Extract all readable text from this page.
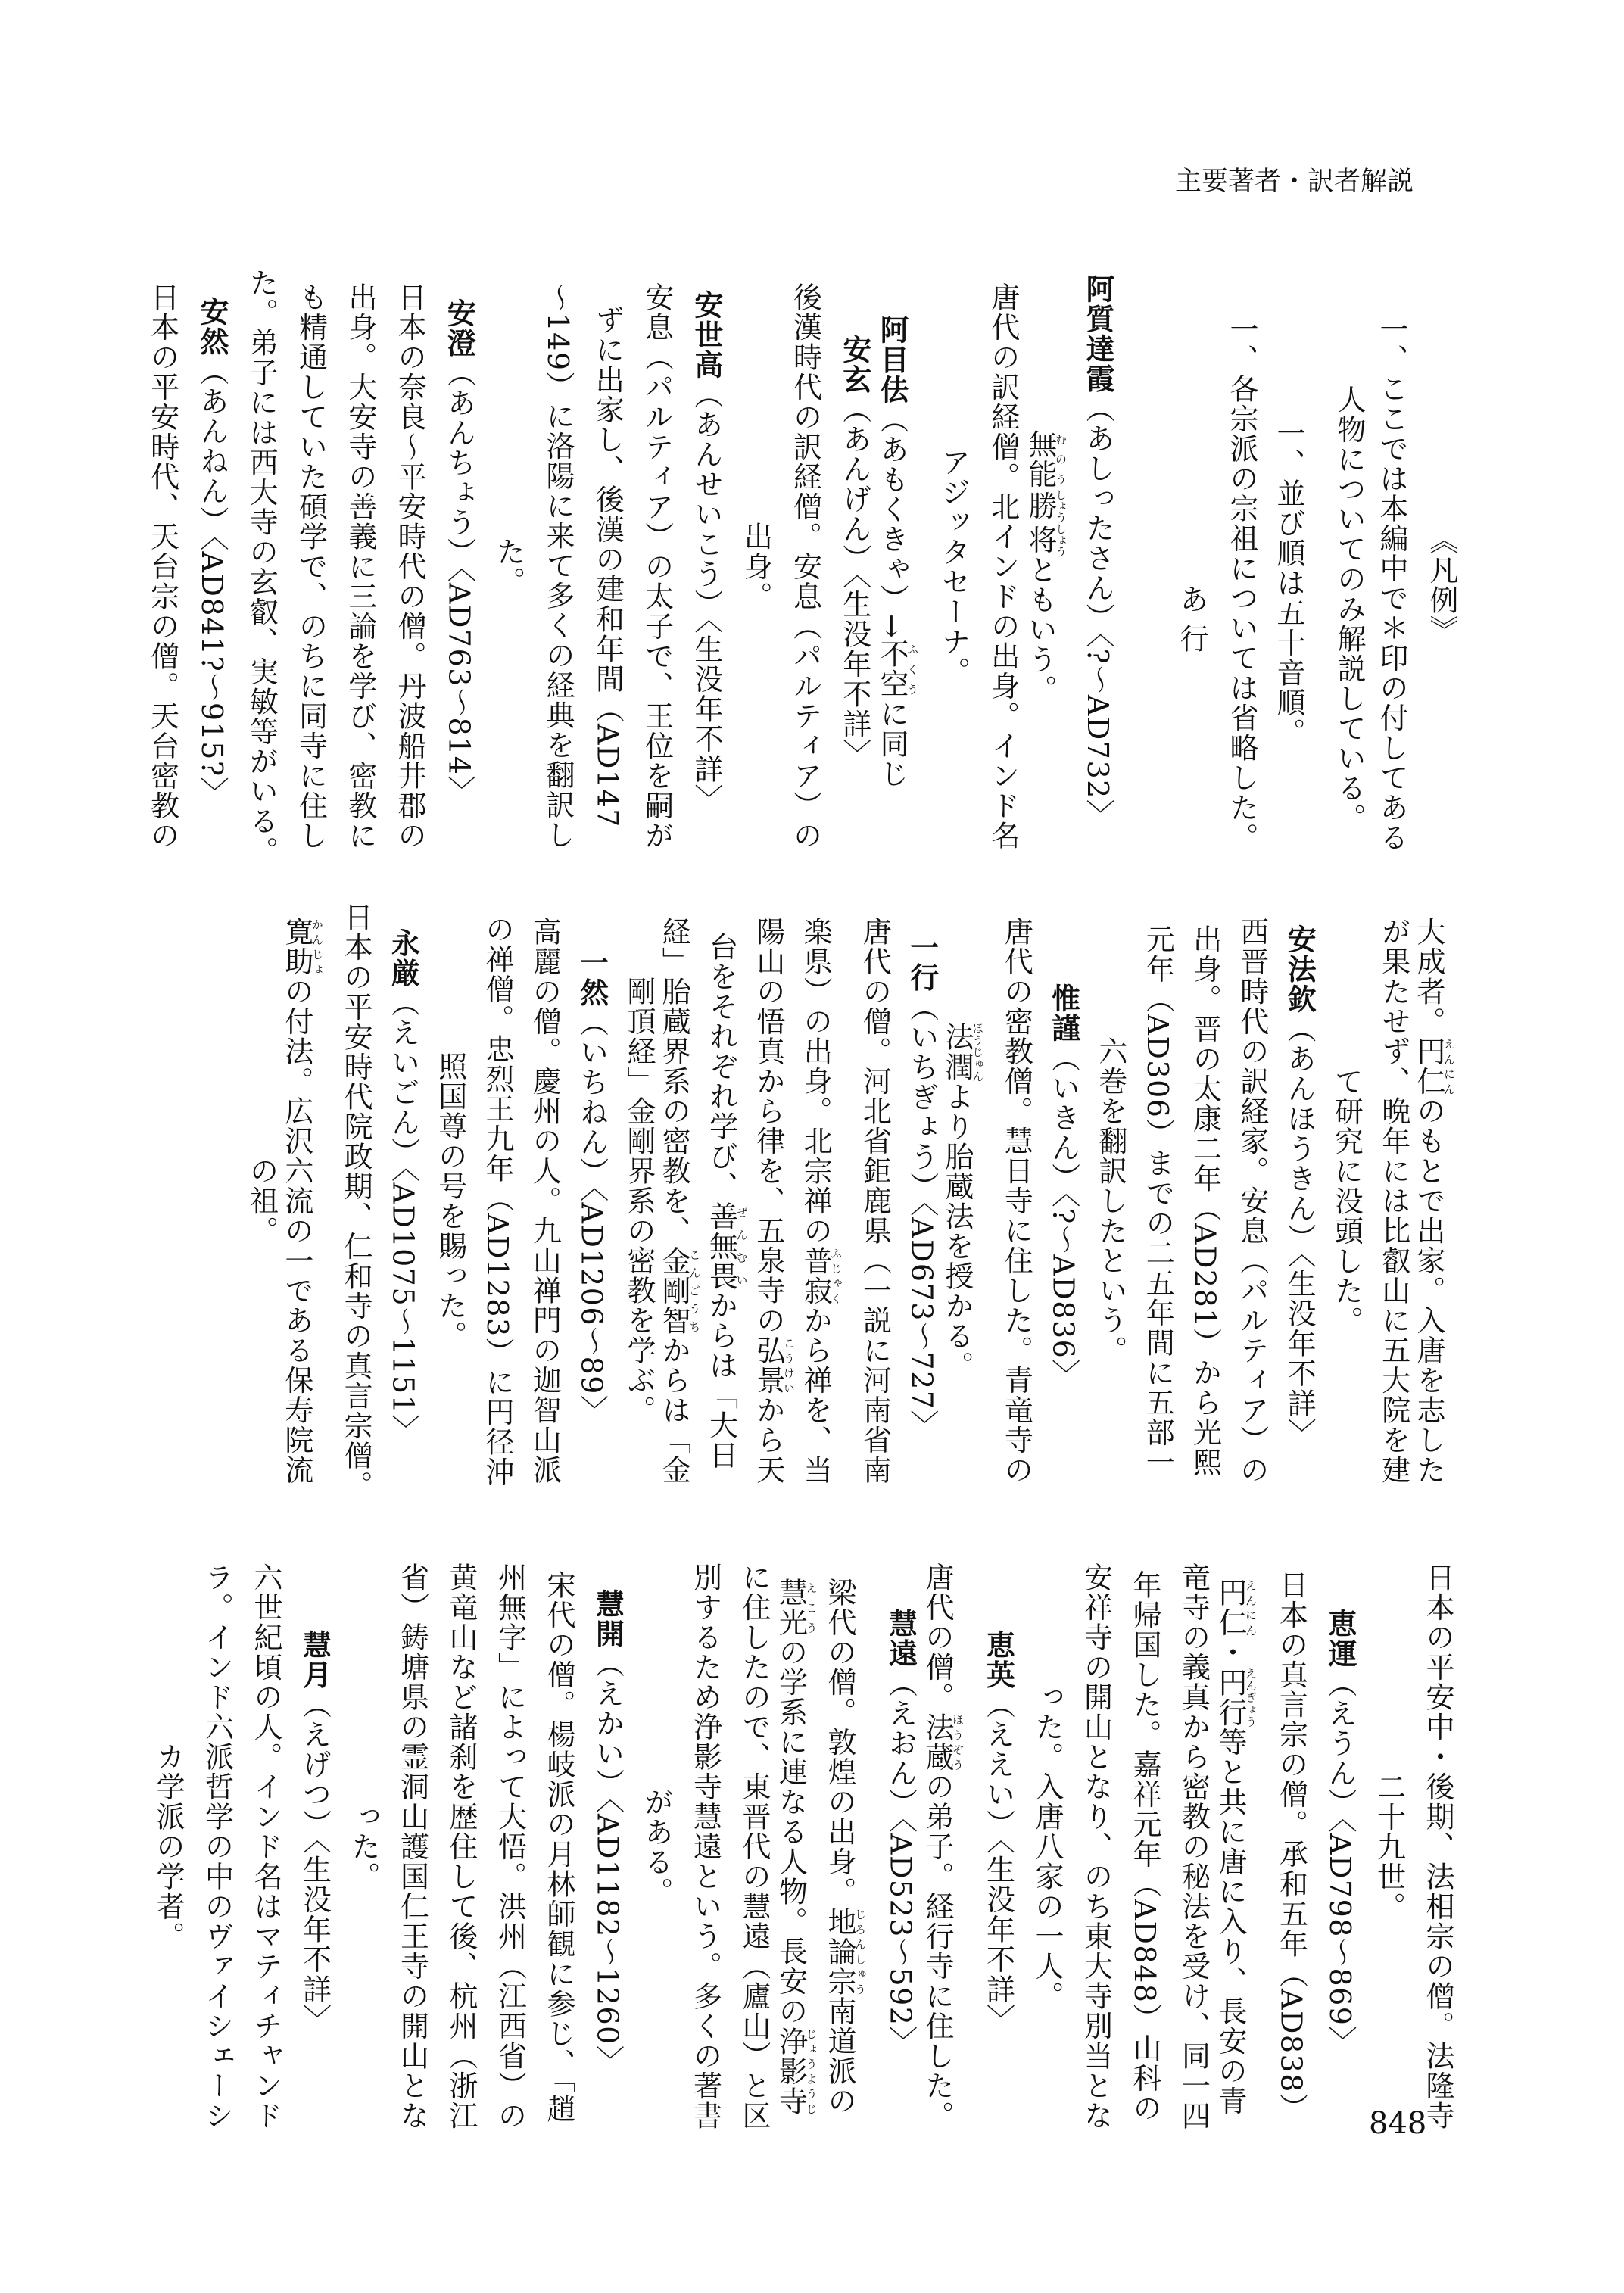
主要著者・訳者解説
《凡例》
一、ここでは本編中で＊印の付してある
人物についてのみ解説している。
一、並び順は五十音順。
一、各宗派の宗祖については省略した。
あ行
阿質達霞（あしったさん）〈?〜AD732〉
無能むのう勝しょう将しょうともいう。
唐代の訳経僧。北インドの出身。インド名
アジッタセーナ。
阿目佉（あもくきゃ）→不空ふくうに同じ
安玄（あんげん）〈生没年不詳〉
後漢時代の訳経僧。安息（パルティア）の
出身。
安世高（あんせいこう）〈生没年不詳〉
安息（パルティア）の太子で、王位を嗣が
ずに出家し、後漢の建和年間（AD147
〜149）に洛陽に来て多くの経典を翻訳し
た。
安澄（あんちょう）〈AD763〜814〉
日本の奈良〜平安時代の僧。丹波船井郡の
出身。大安寺の善義に三論を学び、密教に
も精通していた碩学で、のちに同寺に住し
た。弟子には西大寺の玄叡、実敏等がいる。
安然（あんねん）〈AD841?〜915?〉
日本の平安時代、天台宗の僧。天台密教の
大成者。円仁えんにんのもとで出家。入唐を志した
が果たせず、晩年には比叡山に五大院を建
て研究に没頭した。
安法欽（あんほうきん）〈生没年不詳〉
西晋時代の訳経家。安息（パルティア）の
出身。晋の太康二年（AD281）から光熙
元年（AD306）までの二五年間に五部一
六巻を翻訳したという。
惟謹（いきん）〈?〜AD836〉
唐代の密教僧。慧日寺に住した。青竜寺の
法潤ほうじゅんより胎蔵法を授かる。
一行（いちぎょう）〈AD673〜727〉
唐代の僧。河北省鉅鹿県（一説に河南省南
楽県）の出身。北宗禅の普寂ふじゃくから禅を、当
陽山の悟真から律を、五泉寺の弘景こうけいから天
台をそれぞれ学び、善無畏ぜんむいからは「大日
経」胎蔵界系の密教を、金剛智こんごうちからは「金
剛頂経」金剛界系の密教を学ぶ。
一然（いちねん）〈AD1206〜89〉
高麗の僧。慶州の人。九山禅門の迦智山派
の禅僧。忠烈王九年（AD1283）に円径沖
照国尊の号を賜った。
永厳（えいごん）〈AD1075〜1151〉
日本の平安時代院政期、仁和寺の真言宗僧。
寛助かんじょの付法。広沢六流の一である保寿院流
の祖。
日本の平安中・後期、法相宗の僧。法隆寺
二十九世。
恵運（えうん）〈AD798〜869〉
日本の真言宗の僧。承和五年（AD838）
円仁えんにん・円行えんぎょう等と共に唐に入り、長安の青
竜寺の義真から密教の秘法を受け、同一四
年帰国した。嘉祥元年（AD848）山科の
安祥寺の開山となり、のち東大寺別当とな
った。入唐八家の一人。
恵英（ええい）〈生没年不詳〉
唐代の僧。法蔵ほうぞうの弟子。経行寺に住した。
慧遠（えおん）〈AD523〜592〉
梁代の僧。敦煌の出身。地論宗じろんしゅう南道派の
慧光えこうの学系に連なる人物。長安の浄影寺じょうようじ
に住したので、東晋代の慧遠（廬山）と区
別するため浄影寺慧遠という。多くの著書
がある。
慧開（えかい）〈AD1182〜1260〉
宋代の僧。楊岐派の月林師観に参じ、「趙
州無字」によって大悟。洪州（江西省）の
黄竜山など諸刹を歴住して後、杭州（浙江
省）鋳塘県の霊洞山護国仁王寺の開山とな
った。
慧月（えげつ）〈生没年不詳〉
六世紀頃の人。インド名はマティチャンド
ラ。インド六派哲学の中のヴァイシェーシ
カ学派の学者。
848
